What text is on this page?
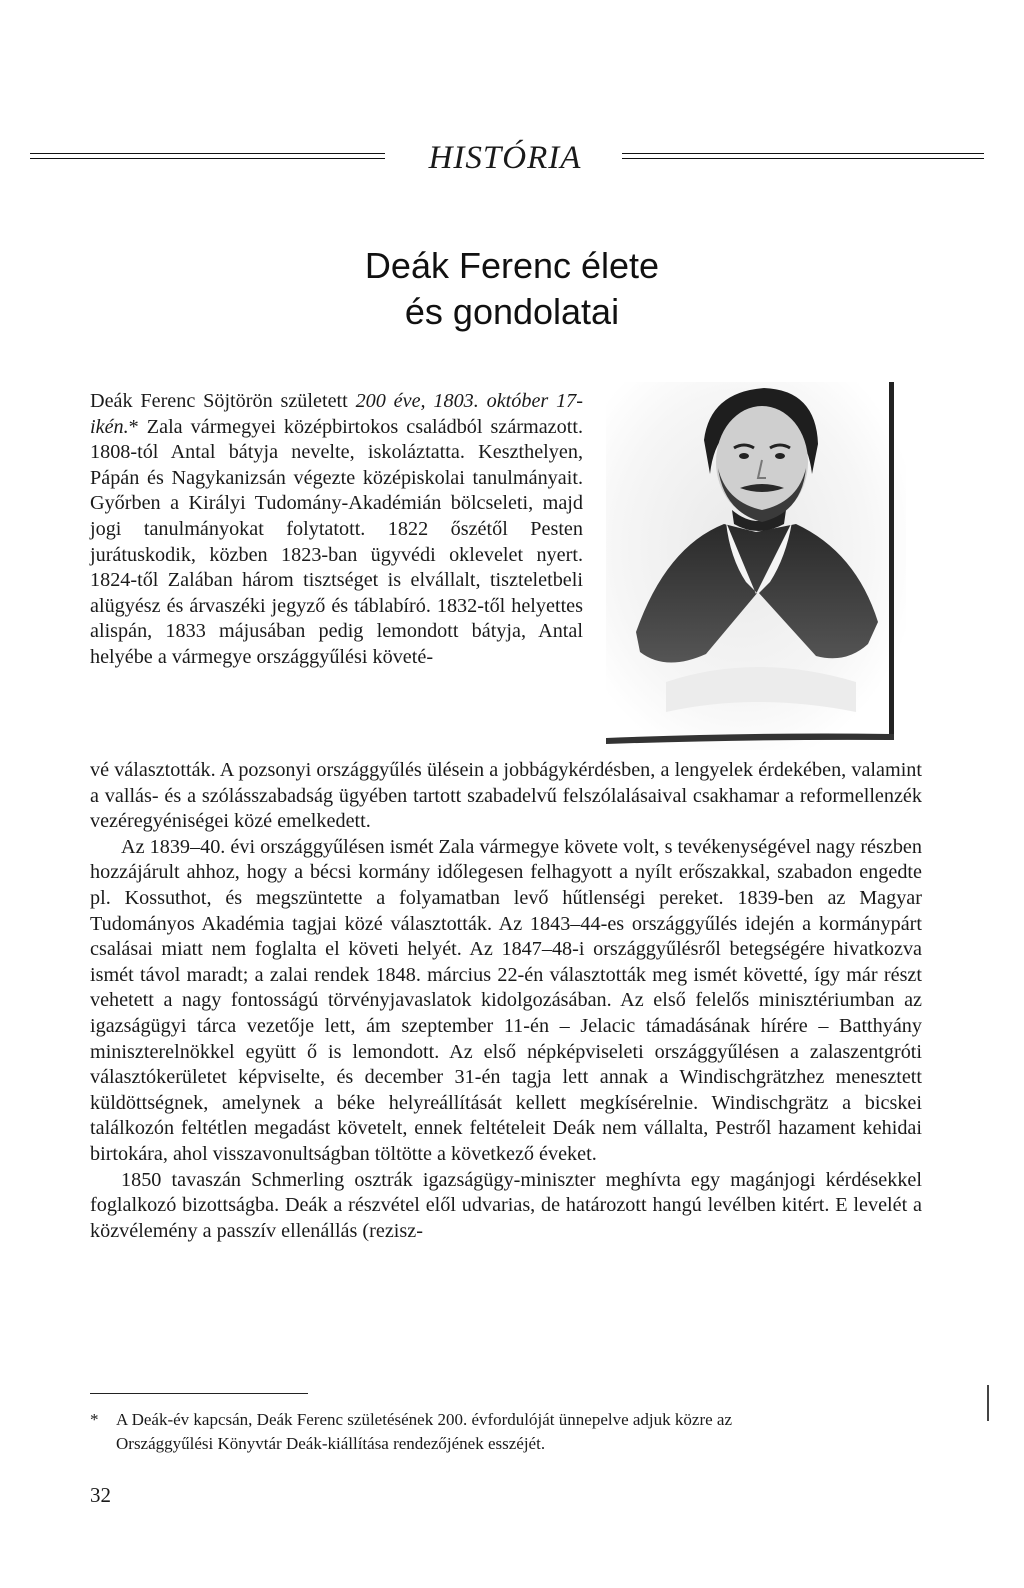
HISTÓRIA
Deák Ferenc élete
és gondolatai

Deák Ferenc Söjtörön született 200 éve, 1803. október 17-ikén.* Zala vármegyei középbirtokos családból származott. 1808-tól Antal bátyja nevelte, iskoláztatta. Keszthelyen, Pápán és Nagykanizsán végezte középiskolai tanulmányait. Győrben a Királyi Tudomány-Akadémián bölcseleti, majd jogi tanulmányokat folytatott. 1822 őszétől Pesten jurátuskodik, közben 1823-ban ügyvédi oklevelet nyert. 1824-től Zalában három tisztséget is elvállalt, tiszteletbeli alügyész és árvaszéki jegyző és táblabíró. 1832-től helyettes alispán, 1833 májusában pedig lemondott bátyja, Antal helyébe a vármegye országgyűlési követé-

vé választották. A pozsonyi országgyűlés ülésein a jobbágykérdésben, a lengyelek érdekében, valamint a vallás- és a szólásszabadság ügyében tartott szabadelvű felszólalásaival csakhamar a reformellenzék vezéregyéniségei közé emelkedett.

Az 1839–40. évi országgyűlésen ismét Zala vármegye követe volt, s tevékenységével nagy részben hozzájárult ahhoz, hogy a bécsi kormány időlegesen felhagyott a nyílt erőszakkal, szabadon engedte pl. Kossuthot, és megszüntette a folyamatban levő hűtlenségi pereket. 1839-ben az Magyar Tudományos Akadémia tagjai közé választották. Az 1843–44-es országgyűlés idején a kormánypárt csalásai miatt nem foglalta el követi helyét. Az 1847–48-i országgyűlésről betegségére hivatkozva ismét távol maradt; a zalai rendek 1848. március 22-én választották meg ismét követté, így már részt vehetett a nagy fontosságú törvényjavaslatok kidolgozásában. Az első felelős minisztériumban az igazságügyi tárca vezetője lett, ám szeptember 11-én – Jelacic támadásának hírére – Batthyány miniszterelnökkel együtt ő is lemondott. Az első népképviseleti országgyűlésen a zalaszentgróti választókerületet képviselte, és december 31-én tagja lett annak a Windischgrätzhez menesztett küldöttségnek, amelynek a béke helyreállítását kellett megkísérelnie. Windischgrätz a bicskei találkozón feltétlen megadást követelt, ennek feltételeit Deák nem vállalta, Pestről hazament kehidai birtokára, ahol visszavonultságban töltötte a következő éveket.

1850 tavaszán Schmerling osztrák igazságügy-miniszter meghívta egy magánjogi kérdésekkel foglalkozó bizottságba. Deák a részvétel elől udvarias, de határozott hangú levélben kitért. E levelét a közvélemény a passzív ellenállás (rezisz-

* A Deák-év kapcsán, Deák Ferenc születésének 200. évfordulóját ünnepelve adjuk közre az
Országgyűlési Könyvtár Deák-kiállítása rendezőjének esszéjét.
32
